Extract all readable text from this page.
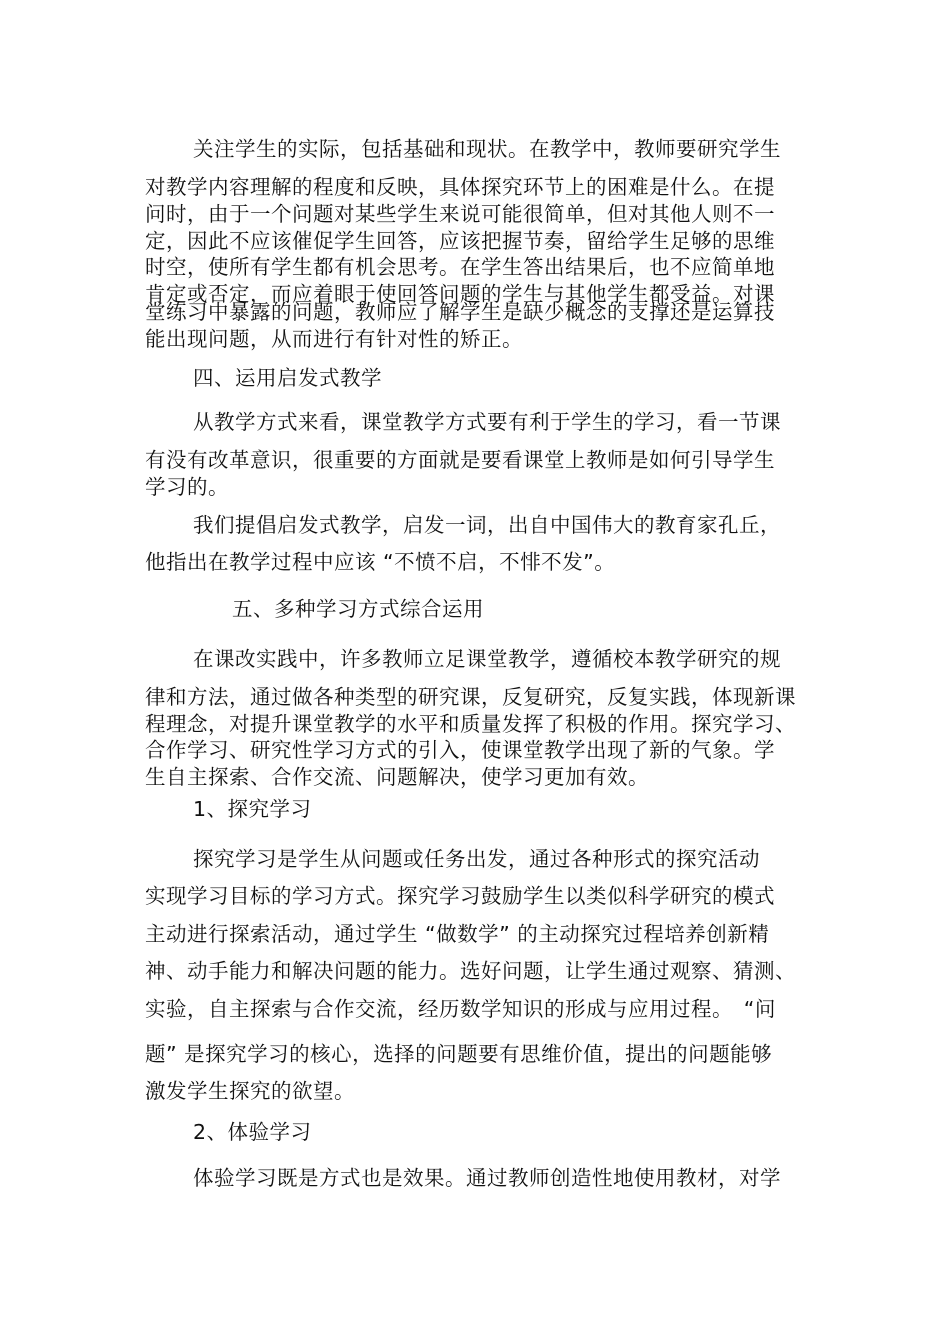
关注学生的实际，包括基础和现状。在教学中，教师要研究学生
对教学内容理解的程度和反映，具体探究环节上的困难是什么。在提
问时，由于一个问题对某些学生来说可能很简单，但对其他人则不一
定，因此不应该催促学生回答，应该把握节奏，留给学生足够的思维
时空，使所有学生都有机会思考。在学生答出结果后，也不应简单地
肯定或否定，而应着眼于使回答问题的学生与其他学生都受益。对课
堂练习中暴露的问题，教师应了解学生是缺少概念的支撑还是运算技
能出现问题，从而进行有针对性的矫正。
四、运用启发式教学
从教学方式来看，课堂教学方式要有利于学生的学习，看一节课
有没有改革意识，很重要的方面就是要看课堂上教师是如何引导学生
学习的。
我们提倡启发式教学，启发一词，出自中国伟大的教育家孔丘，
他指出在教学过程中应该 “不愤不启，不悱不发”。
五、多种学习方式综合运用
在课改实践中，许多教师立足课堂教学，遵循校本教学研究的规
律和方法，通过做各种类型的研究课，反复研究，反复实践，体现新课
程理念，对提升课堂教学的水平和质量发挥了积极的作用。探究学习、
合作学习、研究性学习方式的引入，使课堂教学出现了新的气象。学
生自主探索、合作交流、问题解决，使学习更加有效。
1、探究学习
探究学习是学生从问题或任务出发，通过各种形式的探究活动
实现学习目标的学习方式。探究学习鼓励学生以类似科学研究的模式
主动进行探索活动，通过学生 “做数学” 的主动探究过程培养创新精
神、动手能力和解决问题的能力。选好问题，让学生通过观察、猜测、
实验，自主探索与合作交流，经历数学知识的形成与应用过程。　“问
题” 是探究学习的核心，选择的问题要有思维价值，提出的问题能够
激发学生探究的欲望。
2、体验学习
体验学习既是方式也是效果。通过教师创造性地使用教材，对学
